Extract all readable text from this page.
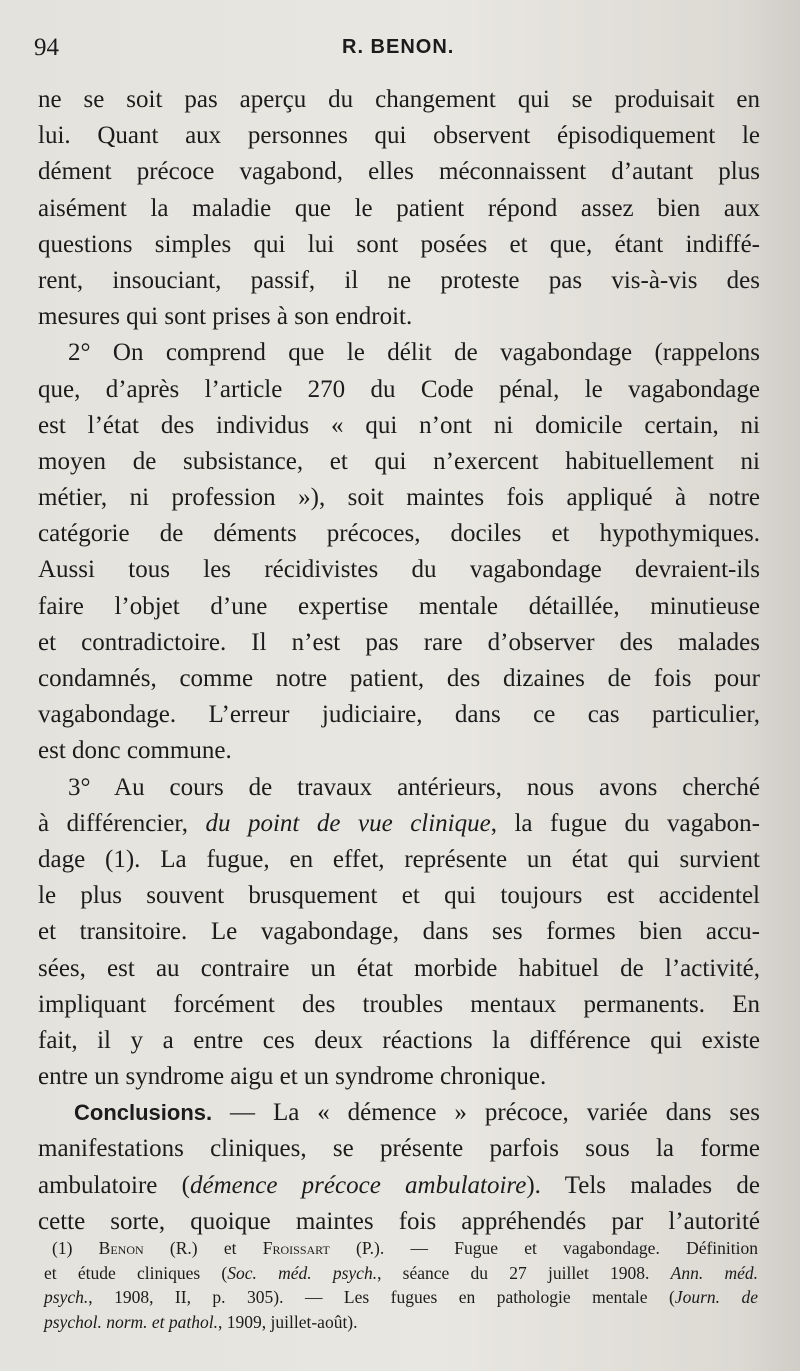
94	R. BENON.
ne se soit pas aperçu du changement qui se produisait en
lui. Quant aux personnes qui observent épisodiquement le
dément précoce vagabond, elles méconnaissent d’autant plus
aisément la maladie que le patient répond assez bien aux
questions simples qui lui sont posées et que, étant indiffé-
rent, insouciant, passif, il ne proteste pas vis-à-vis des
mesures qui sont prises à son endroit.
2° On comprend que le délit de vagabondage (rappelons
que, d’après l’article 270 du Code pénal, le vagabondage
est l’état des individus « qui n’ont ni domicile certain, ni
moyen de subsistance, et qui n’exercent habituellement ni
métier, ni profession »), soit maintes fois appliqué à notre
catégorie de déments précoces, dociles et hypothymiques.
Aussi tous les récidivistes du vagabondage devraient-ils
faire l’objet d’une expertise mentale détaillée, minutieuse
et contradictoire. Il n’est pas rare d’observer des malades
condamnés, comme notre patient, des dizaines de fois pour
vagabondage. L’erreur judiciaire, dans ce cas particulier,
est donc commune.
3° Au cours de travaux antérieurs, nous avons cherché
à différencier, du point de vue clinique, la fugue du vagabon-
dage (1). La fugue, en effet, représente un état qui survient
le plus souvent brusquement et qui toujours est accidentel
et transitoire. Le vagabondage, dans ses formes bien accu-
sées, est au contraire un état morbide habituel de l’activité,
impliquant forcément des troubles mentaux permanents. En
fait, il y a entre ces deux réactions la différence qui existe
entre un syndrome aigu et un syndrome chronique.
Conclusions. — La « démence » précoce, variée dans ses
manifestations cliniques, se présente parfois sous la forme
ambulatoire (démence précoce ambulatoire). Tels malades de
cette sorte, quoique maintes fois appréhendés par l’autorité
(1) Benon (R.) et Froissart (P.). — Fugue et vagabondage. Définition
et étude cliniques (Soc. méd. psych., séance du 27 juillet 1908. Ann. méd.
psych., 1908, II, p. 305). — Les fugues en pathologie mentale (Journ. de
psychol. norm. et pathol., 1909, juillet-août).
